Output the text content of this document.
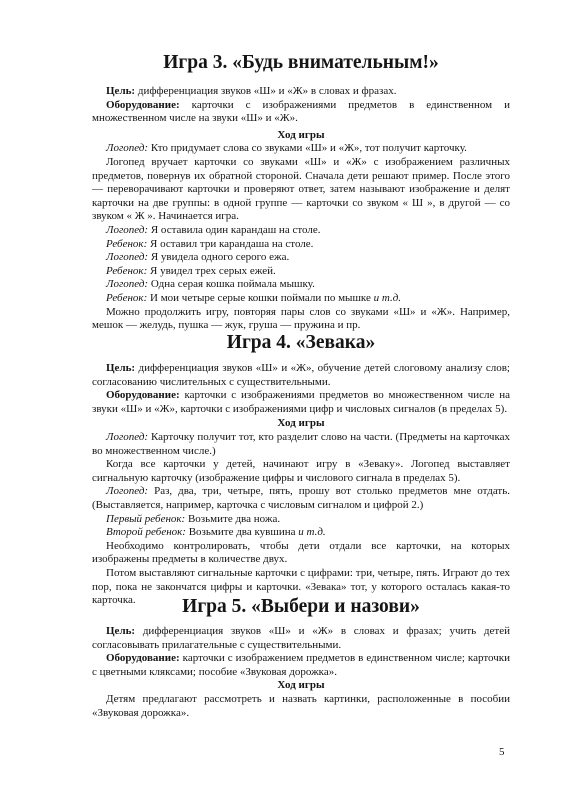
Игра 3. «Будь внимательным!»

Цель: дифференциация звуков «Ш» и «Ж» в словах и фразах.

Оборудование: карточки с изображениями предметов в единственном и множественном числе на звуки «Ш» и «Ж».

Ход игры

Логопед: Кто придумает слова со звуками «Ш» и «Ж», тот получит карточку.

Логопед вручает карточки со звуками «Ш» и «Ж» с изображением различных предметов, повернув их обратной стороной. Сначала дети решают пример. После этого — переворачивают карточки и проверяют ответ, затем называют изображение и делят карточки на две группы: в одной группе — карточки со звуком « Ш », в другой — со звуком « Ж ». Начинается игра.

Логопед: Я оставила один карандаш на столе.

Ребенок: Я оставил три карандаша на столе.

Логопед: Я увидела одного серого ежа.

Ребенок: Я увидел трех серых ежей.

Логопед: Одна серая кошка поймала мышку.

Ребенок: И мои четыре серые кошки поймали по мышке и т.д.

Можно продолжить игру, повторяя пары слов со звуками «Ш» и «Ж». Например, мешок — желудь, пушка — жук, груша — пружина и пр.

Игра 4. «Зевака»

Цель: дифференциация звуков «Ш» и «Ж», обучение детей слоговому анализу слов; согласованию числительных с существительными.

Оборудование: карточки с изображениями предметов во множественном числе на звуки «Ш» и «Ж», карточки с изображениями цифр и числовых сигналов (в пределах 5).

Ход игры

Логопед: Карточку получит тот, кто разделит слово на части. (Предметы на карточках во множественном числе.)

Когда все карточки у детей, начинают игру в «Зеваку». Логопед выставляет сигнальную карточку (изображение цифры и числового сигнала в пределах 5).

Логопед: Раз, два, три, четыре, пять, прошу вот столько предметов мне отдать. (Выставляется, например, карточка с числовым сигналом и цифрой 2.)

Первый ребенок: Возьмите два ножа.

Второй ребенок: Возьмите два кувшина и т.д.

Необходимо контролировать, чтобы дети отдали все карточки, на которых изображены предметы в количестве двух.

Потом выставляют сигнальные карточки с цифрами: три, четыре, пять. Играют до тех пор, пока не закончатся цифры и карточки. «Зевака» тот, у которого осталась какая-то карточка.	Игра 5. «Выбери и назови»

Цель: дифференциация звуков «Ш» и «Ж» в словах и фразах; учить детей согласовывать прилагательные с существительными.

Оборудование: карточки с изображением предметов в единственном числе; карточки с цветными кляксами; пособие «Звуковая дорожка».

Ход игры

Детям предлагают рассмотреть и назвать картинки, расположенные в пособии «Звуковая дорожка».

5
